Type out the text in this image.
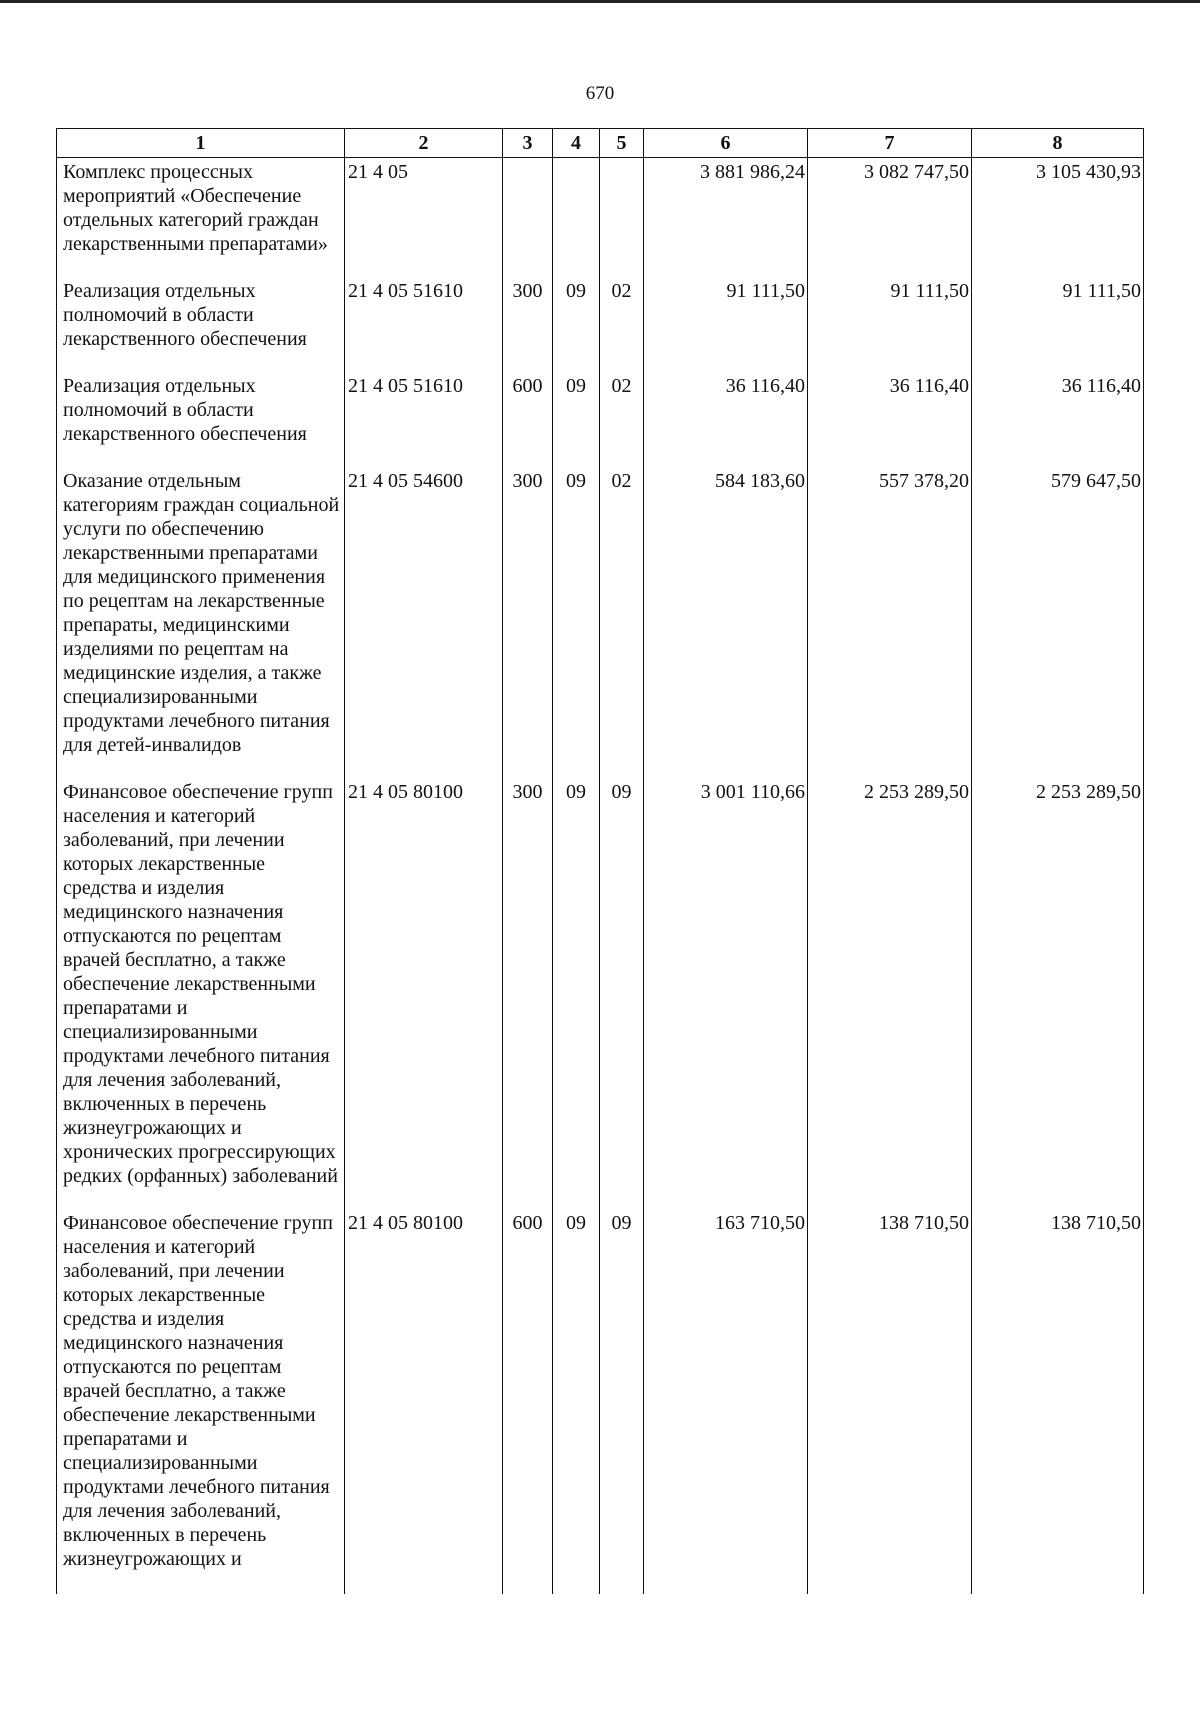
670
1	2	3	4	5	6	7	8
Комплекс процессных мероприятий «Обеспечение отдельных категорий граждан лекарственными препаратами»	21 4 05				3 881 986,24	3 082 747,50	3 105 430,93
Реализация отдельных полномочий в области лекарственного обеспечения	21 4 05 51610	300	09	02	91 111,50	91 111,50	91 111,50
Реализация отдельных полномочий в области лекарственного обеспечения	21 4 05 51610	600	09	02	36 116,40	36 116,40	36 116,40
Оказание отдельным категориям граждан социальной услуги по обеспечению лекарственными препаратами для медицинского применения по рецептам на лекарственные препараты, медицинскими изделиями по рецептам на медицинские изделия, а также специализированными продуктами лечебного питания для детей-инвалидов	21 4 05 54600	300	09	02	584 183,60	557 378,20	579 647,50
Финансовое обеспечение групп населения и категорий заболеваний, при лечении которых лекарственные средства и изделия медицинского назначения отпускаются по рецептам врачей бесплатно, а также обеспечение лекарственными препаратами и специализированными продуктами лечебного питания для лечения заболеваний, включенных в перечень жизнеугрожающих и хронических прогрессирующих редких (орфанных) заболеваний	21 4 05 80100	300	09	09	3 001 110,66	2 253 289,50	2 253 289,50
Финансовое обеспечение групп населения и категорий заболеваний, при лечении которых лекарственные средства и изделия медицинского назначения отпускаются по рецептам врачей бесплатно, а также обеспечение лекарственными препаратами и специализированными продуктами лечебного питания для лечения заболеваний, включенных в перечень жизнеугрожающих и	21 4 05 80100	600	09	09	163 710,50	138 710,50	138 710,50
